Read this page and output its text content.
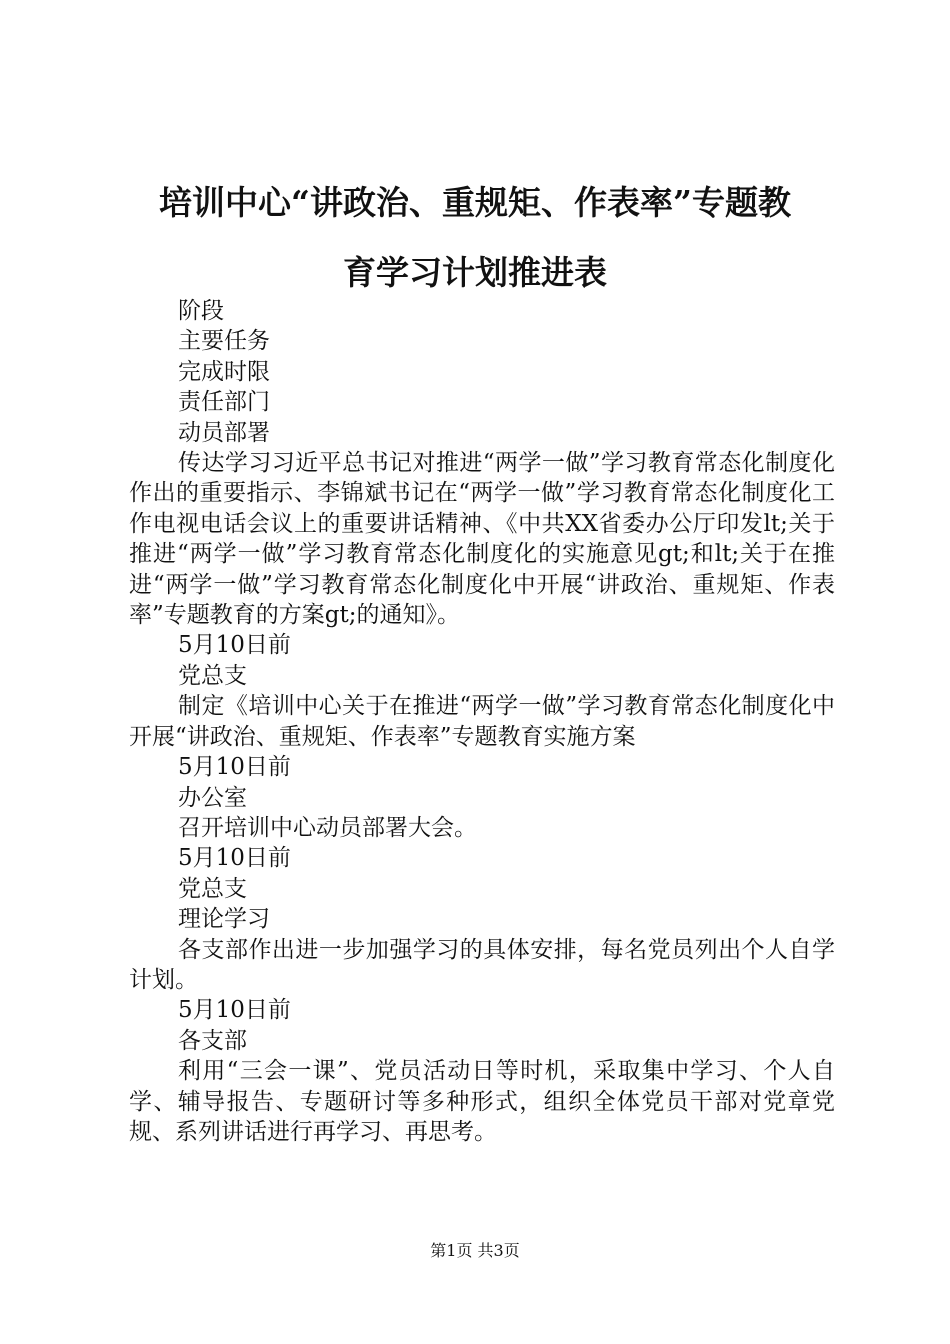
培训中心“讲政治、重规矩、作表率”专题教
育学习计划推进表

阶段

主要任务

完成时限

责任部门

动员部署

传达学习习近平总书记对推进“两学一做”学习教育常态化制度化作出的重要指示、李锦斌书记在“两学一做”学习教育常态化制度化工作电视电话会议上的重要讲话精神、《中共XX省委办公厅印发lt;关于推进“两学一做”学习教育常态化制度化的实施意见gt;和lt;关于在推进“两学一做”学习教育常态化制度化中开展“讲政治、重规矩、作表率”专题教育的方案gt;的通知》。

5月10日前

党总支

制定《培训中心关于在推进“两学一做”学习教育常态化制度化中开展“讲政治、重规矩、作表率”专题教育实施方案

5月10日前

办公室

召开培训中心动员部署大会。

5月10日前

党总支

理论学习

各支部作出进一步加强学习的具体安排，每名党员列出个人自学计划。

5月10日前

各支部

利用“三会一课”、党员活动日等时机，采取集中学习、个人自学、辅导报告、专题研讨等多种形式，组织全体党员干部对党章党规、系列讲话进行再学习、再思考。

第1页 共3页
